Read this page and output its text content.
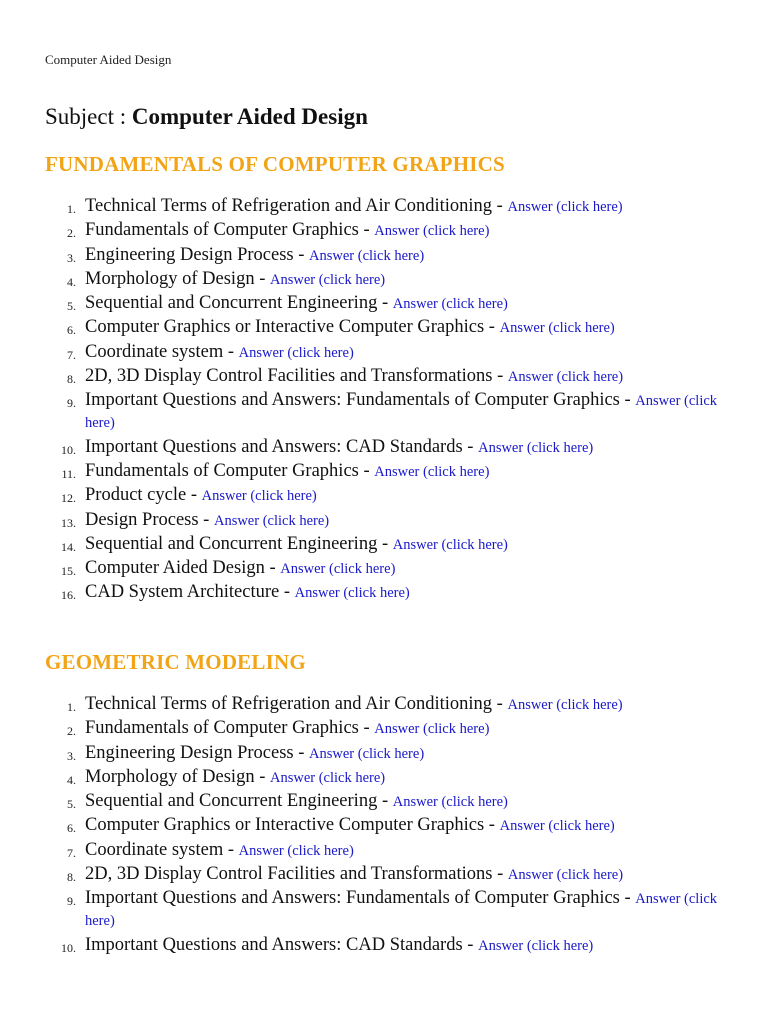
Computer Aided Design
Subject : Computer Aided Design
FUNDAMENTALS OF COMPUTER GRAPHICS
1. Technical Terms of Refrigeration and Air Conditioning - Answer (click here)
2. Fundamentals of Computer Graphics - Answer (click here)
3. Engineering Design Process - Answer (click here)
4. Morphology of Design - Answer (click here)
5. Sequential and Concurrent Engineering - Answer (click here)
6. Computer Graphics or Interactive Computer Graphics - Answer (click here)
7. Coordinate system - Answer (click here)
8. 2D, 3D Display Control Facilities and Transformations - Answer (click here)
9. Important Questions and Answers: Fundamentals of Computer Graphics - Answer (click here)
10. Important Questions and Answers: CAD Standards - Answer (click here)
11. Fundamentals of Computer Graphics - Answer (click here)
12. Product cycle - Answer (click here)
13. Design Process - Answer (click here)
14. Sequential and Concurrent Engineering - Answer (click here)
15. Computer Aided Design - Answer (click here)
16. CAD System Architecture - Answer (click here)
GEOMETRIC MODELING
1. Technical Terms of Refrigeration and Air Conditioning - Answer (click here)
2. Fundamentals of Computer Graphics - Answer (click here)
3. Engineering Design Process - Answer (click here)
4. Morphology of Design - Answer (click here)
5. Sequential and Concurrent Engineering - Answer (click here)
6. Computer Graphics or Interactive Computer Graphics - Answer (click here)
7. Coordinate system - Answer (click here)
8. 2D, 3D Display Control Facilities and Transformations - Answer (click here)
9. Important Questions and Answers: Fundamentals of Computer Graphics - Answer (click here)
10. Important Questions and Answers: CAD Standards - Answer (click here)
